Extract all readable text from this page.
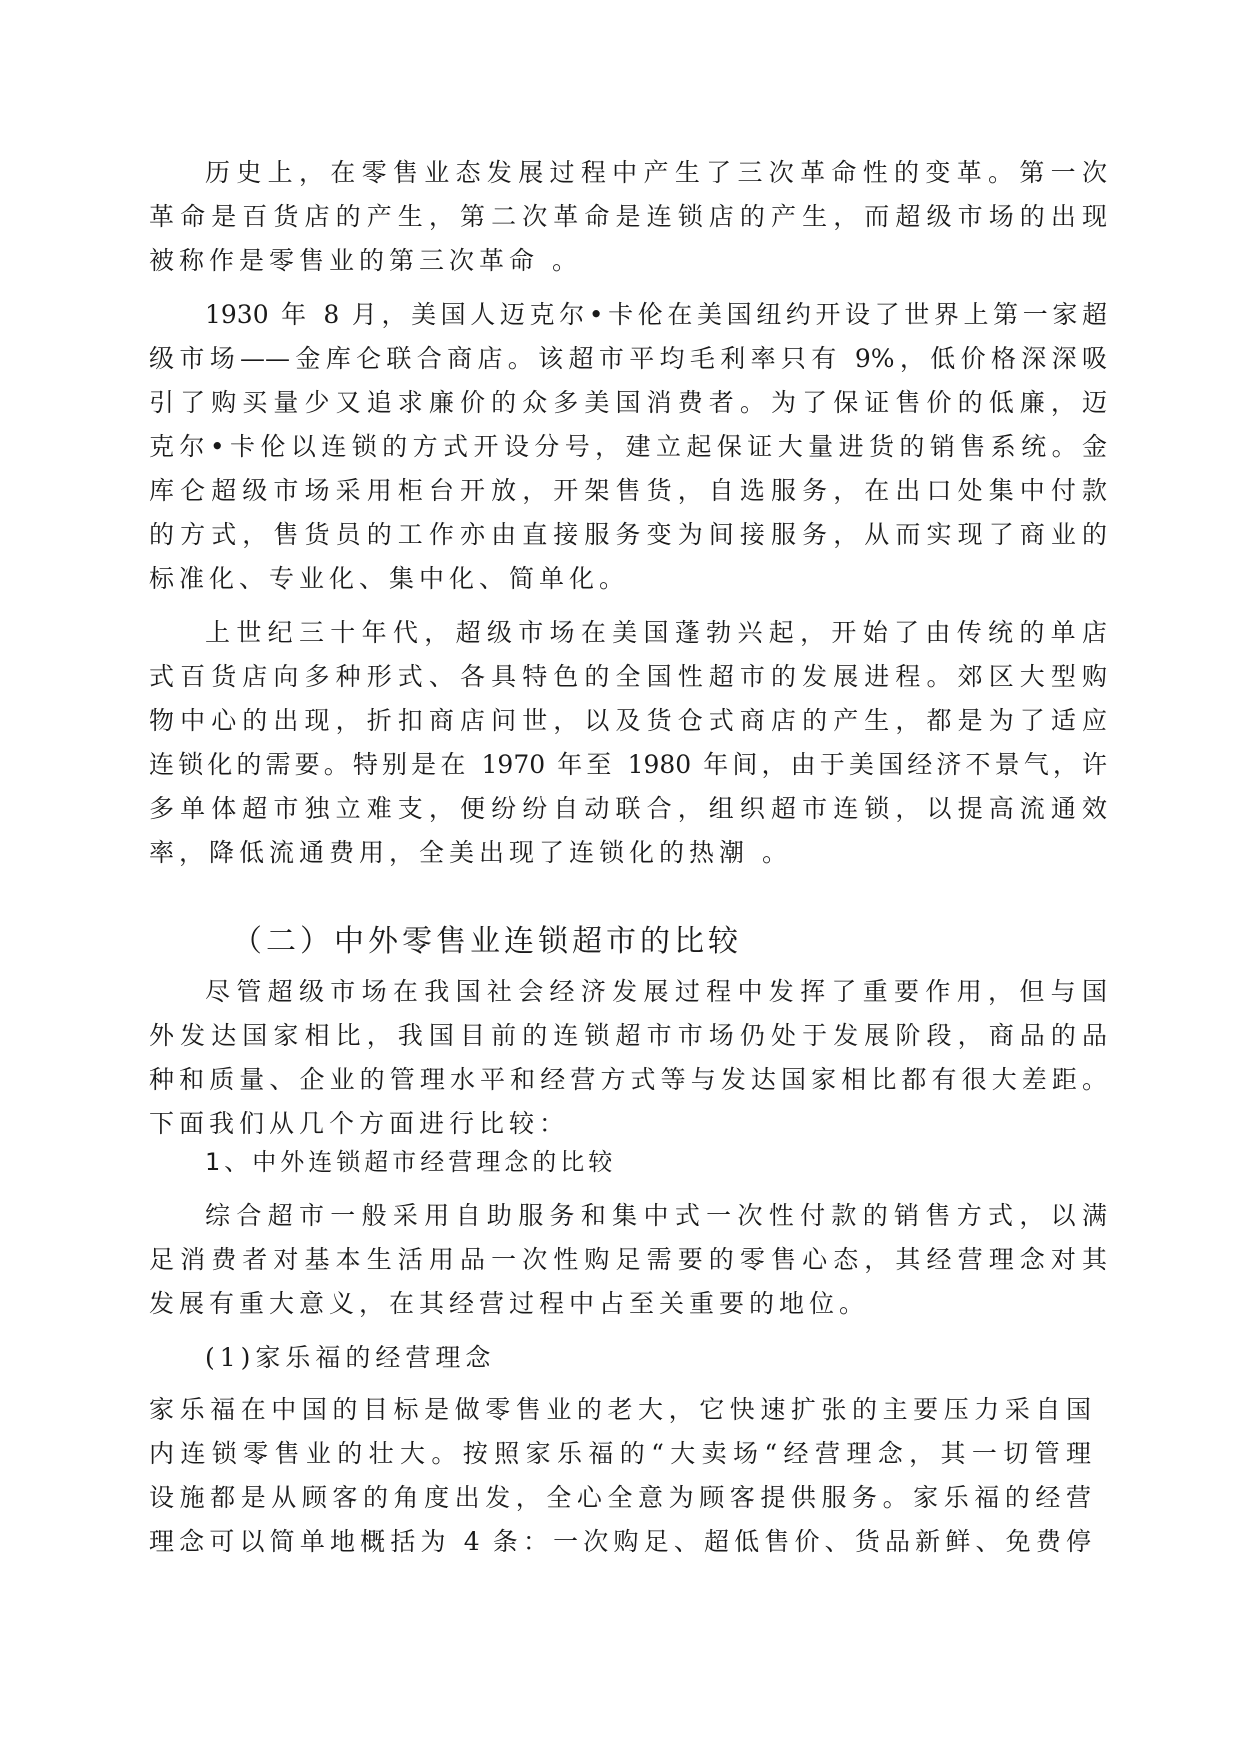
历史上，在零售业态发展过程中产生了三次革命性的变革。第一次
革命是百货店的产生，第二次革命是连锁店的产生，而超级市场的出现
被称作是零售业的第三次革命 。
1930 年 8 月，美国人迈克尔•卡伦在美国纽约开设了世界上第一家超
级市场——金库仑联合商店。该超市平均毛利率只有 9%，低价格深深吸
引了购买量少又追求廉价的众多美国消费者。为了保证售价的低廉，迈
克尔•卡伦以连锁的方式开设分号，建立起保证大量进货的销售系统。金
库仑超级市场采用柜台开放，开架售货，自选服务，在出口处集中付款
的方式，售货员的工作亦由直接服务变为间接服务，从而实现了商业的
标准化、专业化、集中化、简单化。
上世纪三十年代，超级市场在美国蓬勃兴起，开始了由传统的单店
式百货店向多种形式、各具特色的全国性超市的发展进程。郊区大型购
物中心的出现，折扣商店问世，以及货仓式商店的产生，都是为了适应
连锁化的需要。特别是在 1970 年至 1980 年间，由于美国经济不景气，许
多单体超市独立难支，便纷纷自动联合，组织超市连锁，以提高流通效
率，降低流通费用，全美出现了连锁化的热潮 。
（二）中外零售业连锁超市的比较
尽管超级市场在我国社会经济发展过程中发挥了重要作用，但与国
外发达国家相比，我国目前的连锁超市市场仍处于发展阶段，商品的品
种和质量、企业的管理水平和经营方式等与发达国家相比都有很大差距。
下面我们从几个方面进行比较：
1、中外连锁超市经营理念的比较
综合超市一般采用自助服务和集中式一次性付款的销售方式，以满
足消费者对基本生活用品一次性购足需要的零售心态，其经营理念对其
发展有重大意义，在其经营过程中占至关重要的地位。
(1)家乐福的经营理念
家乐福在中国的目标是做零售业的老大，它快速扩张的主要压力采自国
内连锁零售业的壮大。按照家乐福的“大卖场“经营理念，其一切管理
设施都是从顾客的角度出发，全心全意为顾客提供服务。家乐福的经营
理念可以简单地概括为 4 条：一次购足、超低售价、货品新鲜、免费停
